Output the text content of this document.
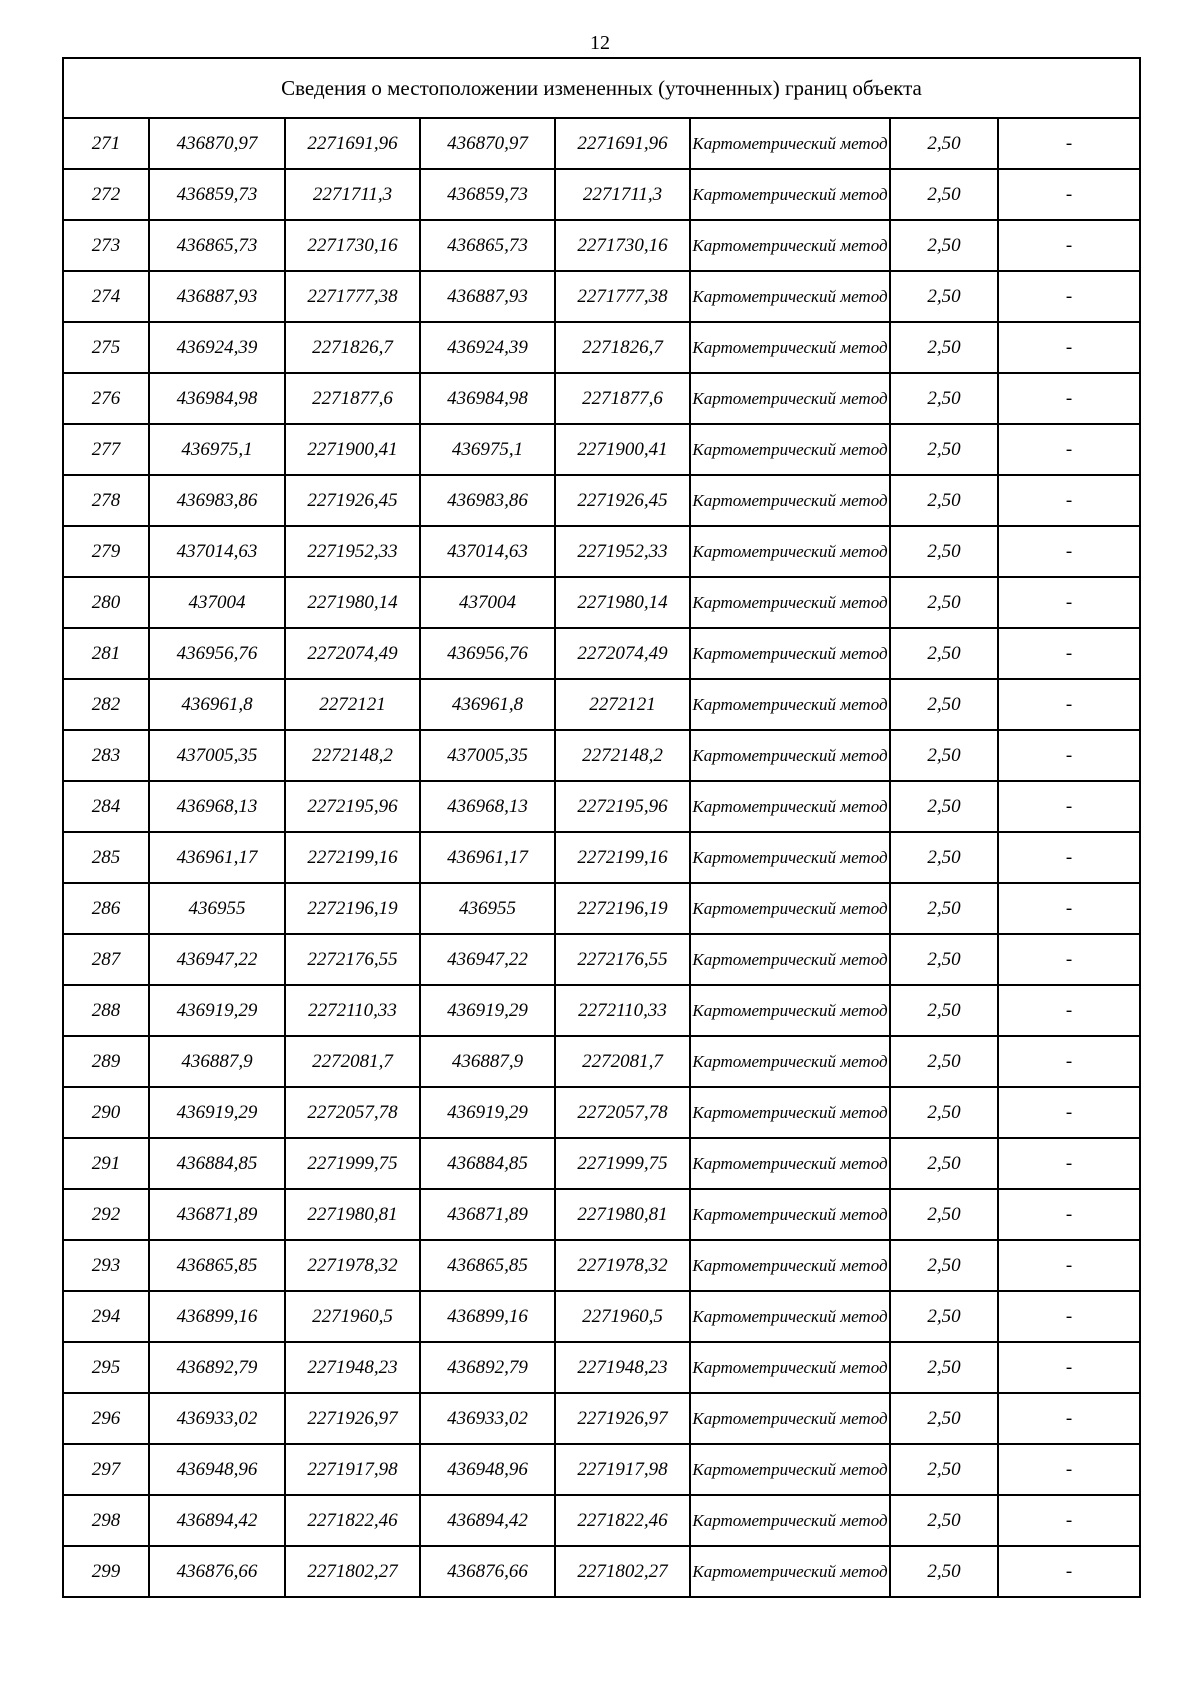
12
Сведения о местоположении измененных (уточненных) границ объекта							
271	436870,97	2271691,96	436870,97	2271691,96	Картометрический метод	2,50	-
272	436859,73	2271711,3	436859,73	2271711,3	Картометрический метод	2,50	-
273	436865,73	2271730,16	436865,73	2271730,16	Картометрический метод	2,50	-
274	436887,93	2271777,38	436887,93	2271777,38	Картометрический метод	2,50	-
275	436924,39	2271826,7	436924,39	2271826,7	Картометрический метод	2,50	-
276	436984,98	2271877,6	436984,98	2271877,6	Картометрический метод	2,50	-
277	436975,1	2271900,41	436975,1	2271900,41	Картометрический метод	2,50	-
278	436983,86	2271926,45	436983,86	2271926,45	Картометрический метод	2,50	-
279	437014,63	2271952,33	437014,63	2271952,33	Картометрический метод	2,50	-
280	437004	2271980,14	437004	2271980,14	Картометрический метод	2,50	-
281	436956,76	2272074,49	436956,76	2272074,49	Картометрический метод	2,50	-
282	436961,8	2272121	436961,8	2272121	Картометрический метод	2,50	-
283	437005,35	2272148,2	437005,35	2272148,2	Картометрический метод	2,50	-
284	436968,13	2272195,96	436968,13	2272195,96	Картометрический метод	2,50	-
285	436961,17	2272199,16	436961,17	2272199,16	Картометрический метод	2,50	-
286	436955	2272196,19	436955	2272196,19	Картометрический метод	2,50	-
287	436947,22	2272176,55	436947,22	2272176,55	Картометрический метод	2,50	-
288	436919,29	2272110,33	436919,29	2272110,33	Картометрический метод	2,50	-
289	436887,9	2272081,7	436887,9	2272081,7	Картометрический метод	2,50	-
290	436919,29	2272057,78	436919,29	2272057,78	Картометрический метод	2,50	-
291	436884,85	2271999,75	436884,85	2271999,75	Картометрический метод	2,50	-
292	436871,89	2271980,81	436871,89	2271980,81	Картометрический метод	2,50	-
293	436865,85	2271978,32	436865,85	2271978,32	Картометрический метод	2,50	-
294	436899,16	2271960,5	436899,16	2271960,5	Картометрический метод	2,50	-
295	436892,79	2271948,23	436892,79	2271948,23	Картометрический метод	2,50	-
296	436933,02	2271926,97	436933,02	2271926,97	Картометрический метод	2,50	-
297	436948,96	2271917,98	436948,96	2271917,98	Картометрический метод	2,50	-
298	436894,42	2271822,46	436894,42	2271822,46	Картометрический метод	2,50	-
299	436876,66	2271802,27	436876,66	2271802,27	Картометрический метод	2,50	-
